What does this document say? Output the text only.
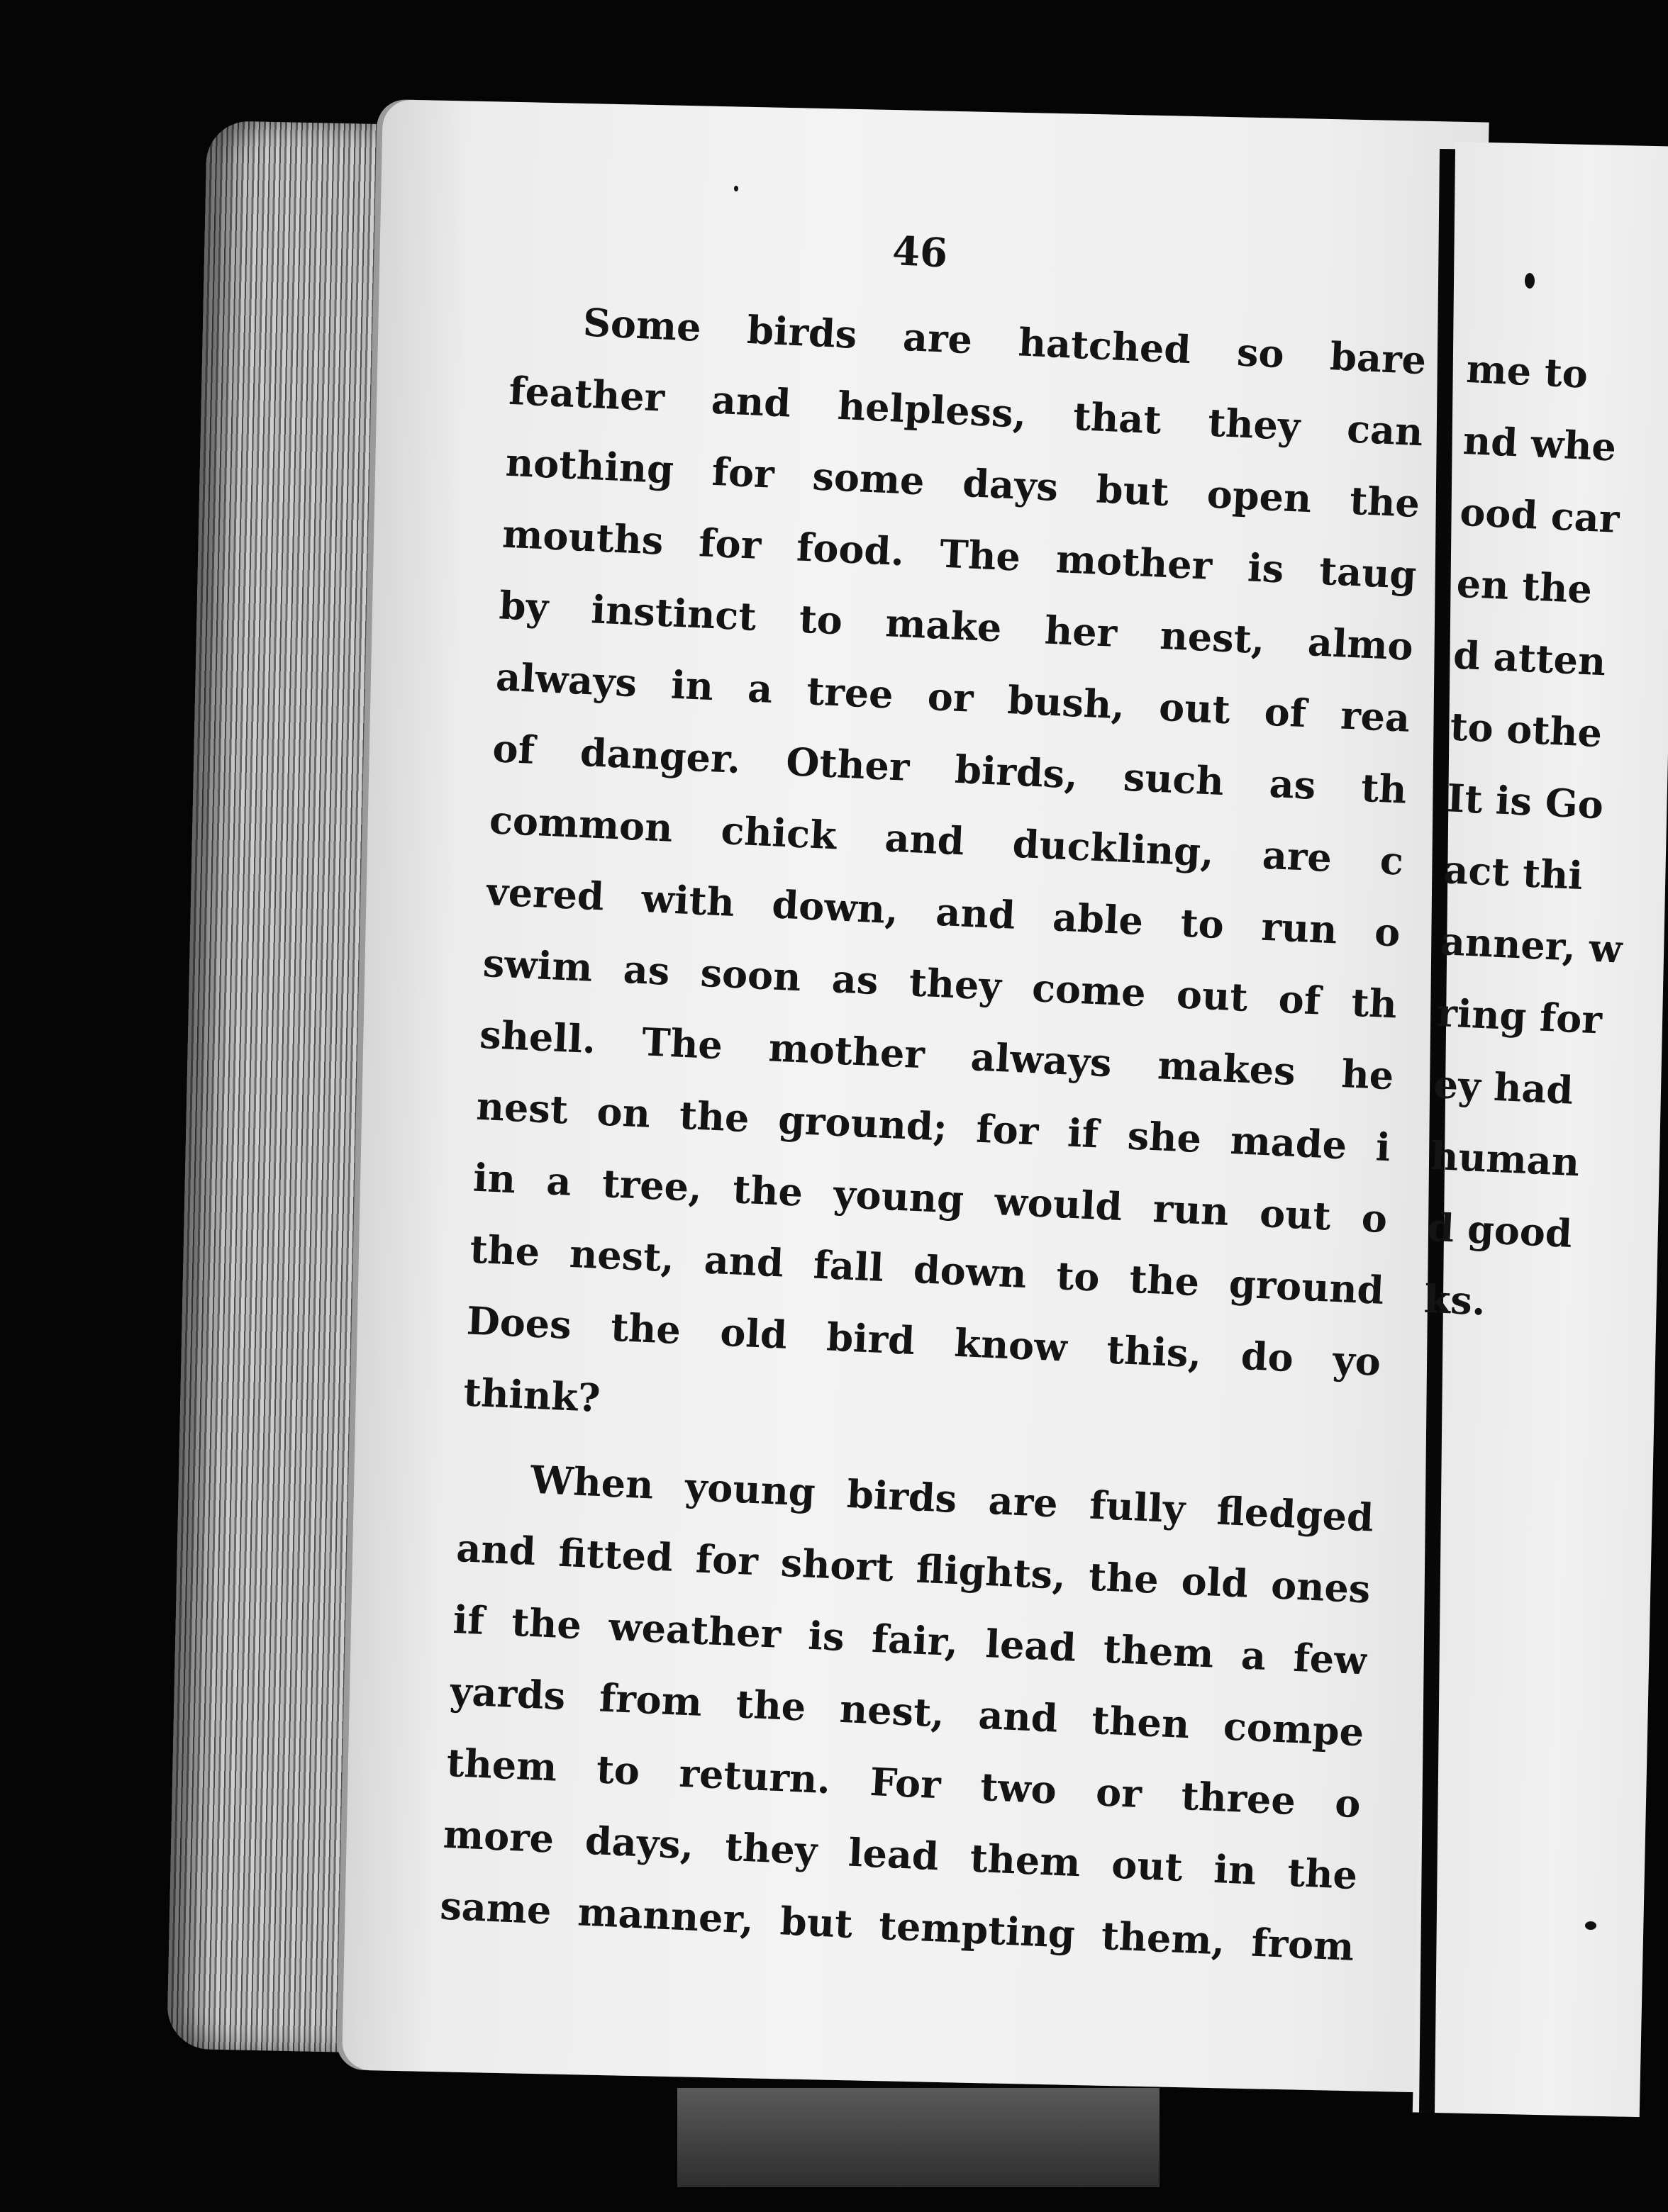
46
Some birds are hatched so bare
feather and helpless, that they can
nothing for some days but open the
mouths for food. The mother is taug
by instinct to make her nest, almo
always in a tree or bush, out of rea
of danger. Other birds, such as th
common chick and duckling, are c
vered with down, and able to run o
swim as soon as they come out of th
shell. The mother always makes he
nest on the ground; for if she made i
in a tree, the young would run out o
the nest, and fall down to the ground
Does the old bird know this, do yo
think?
When young birds are fully fledged
and fitted for short flights, the old ones
if the weather is fair, lead them a few
yards from the nest, and then compe
them to return. For two or three o
more days, they lead them out in the
same manner, but tempting them, from
me to
nd whe
ood car
en the
d atten
to othe
It is Go
act thi
anner, w
ring for
ey had
human
d good
ks.
